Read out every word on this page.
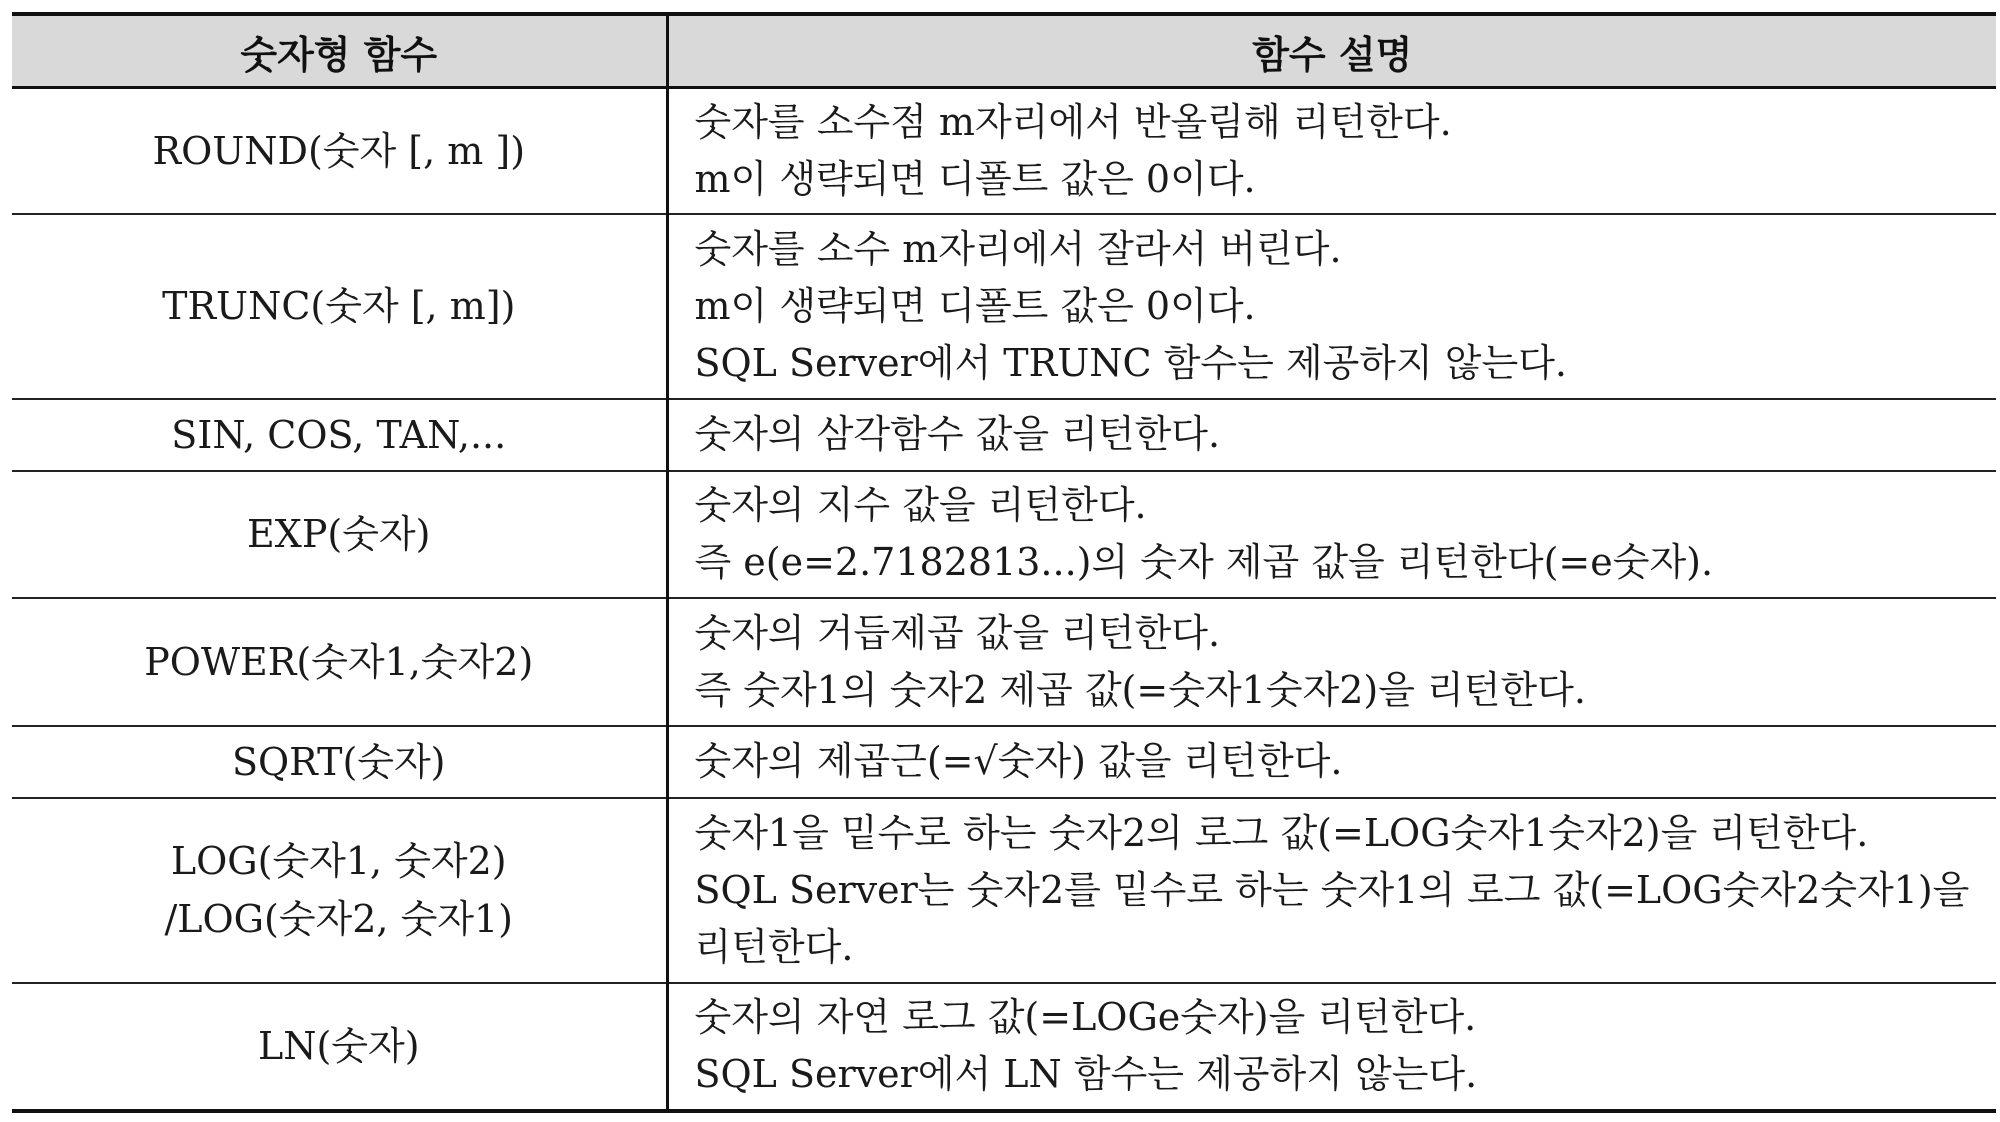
숫자형 함수	함수 설명

ROUND(숫자 [, m ])	숫자를 소수점 m자리에서 반올림해 리턴한다.
m이 생략되면 디폴트 값은 0이다.

TRUNC(숫자 [, m])	숫자를 소수 m자리에서 잘라서 버린다.
m이 생략되면 디폴트 값은 0이다.
SQL Server에서 TRUNC 함수는 제공하지 않는다.

SIN, COS, TAN,...	숫자의 삼각함수 값을 리턴한다.

EXP(숫자)	숫자의 지수 값을 리턴한다.
즉 e(e=2.7182813...)의 숫자 제곱 값을 리턴한다(=e숫자).

POWER(숫자1,숫자2)	숫자의 거듭제곱 값을 리턴한다.
즉 숫자1의 숫자2 제곱 값(=숫자1숫자2)을 리턴한다.

SQRT(숫자)	숫자의 제곱근(=√숫자) 값을 리턴한다.

LOG(숫자1, 숫자2)
/LOG(숫자2, 숫자1)	숫자1을 밑수로 하는 숫자2의 로그 값(=LOG숫자1숫자2)을 리턴한다.
SQL Server는 숫자2를 밑수로 하는 숫자1의 로그 값(=LOG숫자2숫자1)을
리턴한다.

LN(숫자)	숫자의 자연 로그 값(=LOGe숫자)을 리턴한다.
SQL Server에서 LN 함수는 제공하지 않는다.
